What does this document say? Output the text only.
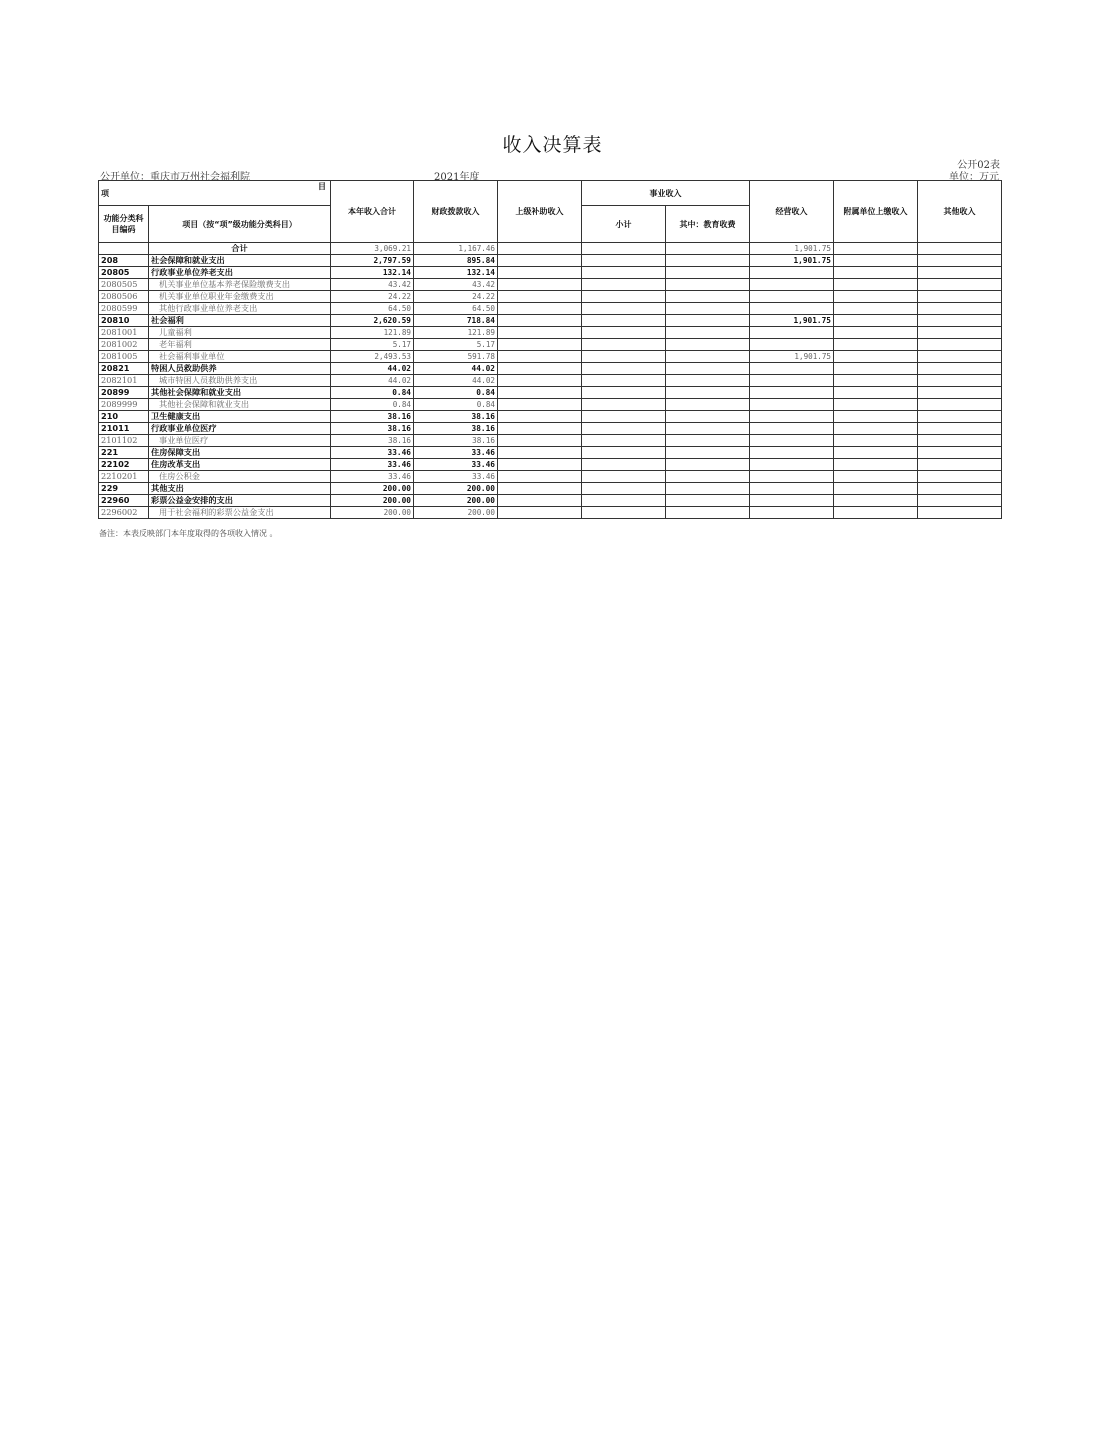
收入决算表
公开02表
公开单位：重庆市万州社会福利院	2021年度	单位：万元
项
目		本年收入合计	财政拨款收入	上级补助收入	事业收入		经营收入	附属单位上缴收入	其他收入
功能分类科目编码	项目（按“项”级功能分类科目）				小计	其中：教育收费			

	合计	3,069.21	1,167.46				1,901.75		
208	社会保障和就业支出	2,797.59	895.84				1,901.75		
20805	行政事业单位养老支出	132.14	132.14						
2080505	机关事业单位基本养老保险缴费支出	43.42	43.42						
2080506	机关事业单位职业年金缴费支出	24.22	24.22						
2080599	其他行政事业单位养老支出	64.50	64.50						
20810	社会福利	2,620.59	718.84				1,901.75		
2081001	儿童福利	121.89	121.89						
2081002	老年福利	5.17	5.17						
2081005	社会福利事业单位	2,493.53	591.78				1,901.75		
20821	特困人员救助供养	44.02	44.02						
2082101	城市特困人员救助供养支出	44.02	44.02						
20899	其他社会保障和就业支出	0.84	0.84						
2089999	其他社会保障和就业支出	0.84	0.84						
210	卫生健康支出	38.16	38.16						
21011	行政事业单位医疗	38.16	38.16						
2101102	事业单位医疗	38.16	38.16						
221	住房保障支出	33.46	33.46						
22102	住房改革支出	33.46	33.46						
2210201	住房公积金	33.46	33.46						
229	其他支出	200.00	200.00						
22960	彩票公益金安排的支出	200.00	200.00						
2296002	用于社会福利的彩票公益金支出	200.00	200.00						
备注：本表反映部门本年度取得的各项收入情况 。
